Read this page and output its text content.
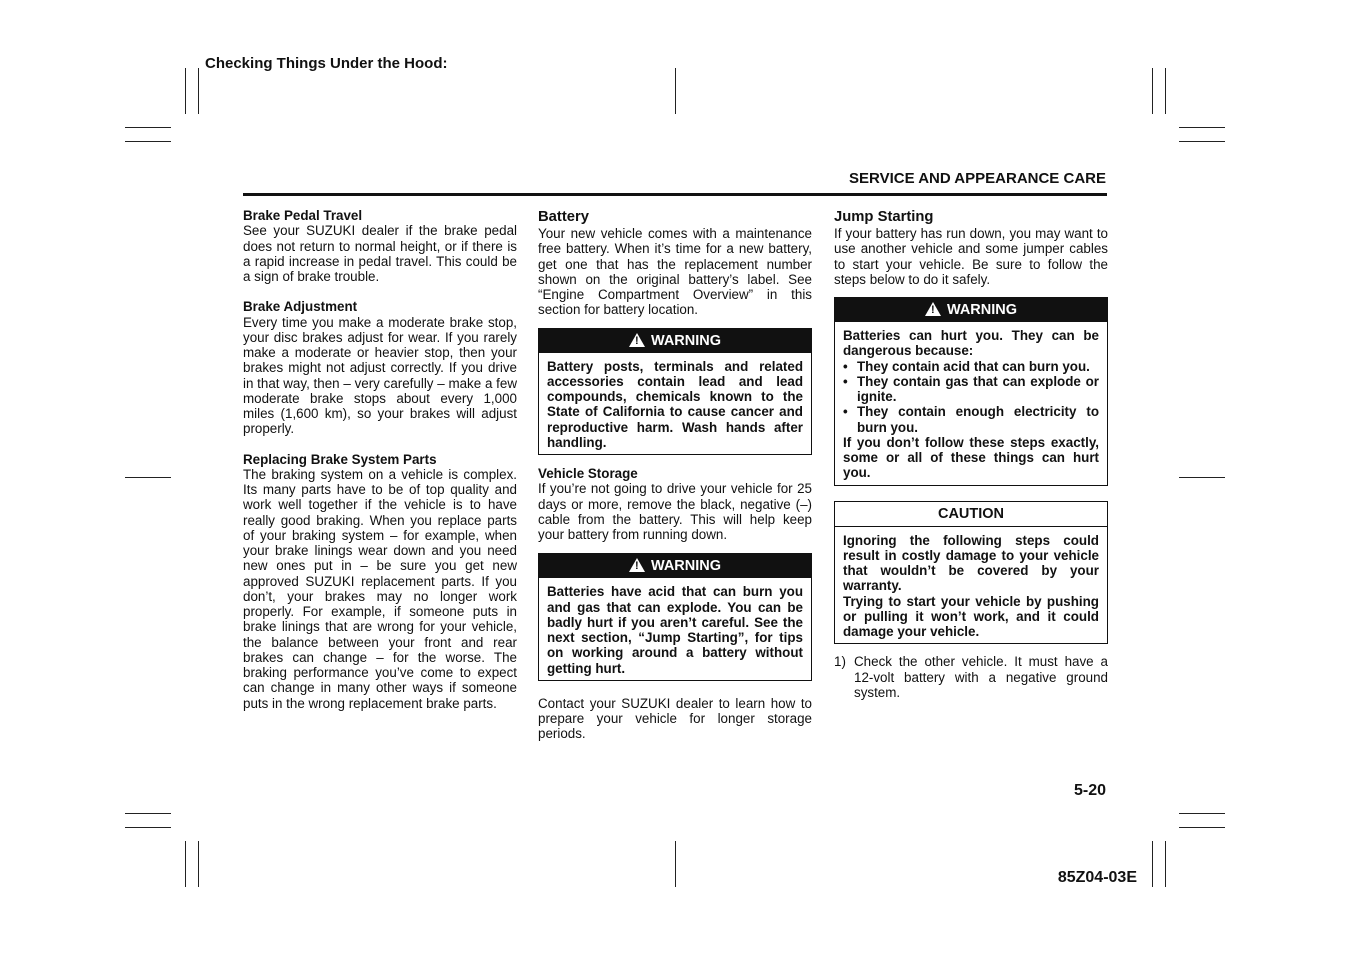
Checking Things Under the Hood:
SERVICE AND APPEARANCE CARE
Brake Pedal Travel
See your SUZUKI dealer if the brake pedal does not return to normal height, or if there is a rapid increase in pedal travel. This could be a sign of brake trouble.
Brake Adjustment
Every time you make a moderate brake stop, your disc brakes adjust for wear. If you rarely make a moderate or heavier stop, then your brakes might not adjust correctly. If you drive in that way, then – very carefully – make a few moderate brake stops about every 1,000 miles (1,600 km), so your brakes will adjust properly.
Replacing Brake System Parts
The braking system on a vehicle is complex. Its many parts have to be of top quality and work well together if the vehicle is to have really good braking. When you replace parts of your braking system – for example, when your brake linings wear down and you need new ones put in – be sure you get new approved SUZUKI replacement parts. If you don’t, your brakes may no longer work properly. For example, if someone puts in brake linings that are wrong for your vehicle, the balance between your front and rear brakes can change – for the worse. The braking performance you’ve come to expect can change in many other ways if someone puts in the wrong replacement brake parts.
Battery
Your new vehicle comes with a maintenance free battery. When it’s time for a new battery, get one that has the replacement number shown on the original battery’s label. See “Engine Compartment Overview” in this section for battery location.
!WARNING
Battery posts, terminals and related accessories contain lead and lead compounds, chemicals known to the State of California to cause cancer and reproductive harm. Wash hands after handling.
Vehicle Storage
If you’re not going to drive your vehicle for 25 days or more, remove the black, negative (–) cable from the battery. This will help keep your battery from running down.
!WARNING
Batteries have acid that can burn you and gas that can explode. You can be badly hurt if you aren’t careful. See the next section, “Jump Starting”, for tips on working around a battery without getting hurt.
Contact your SUZUKI dealer to learn how to prepare your vehicle for longer storage periods.
Jump Starting
If your battery has run down, you may want to use another vehicle and some jumper cables to start your vehicle. Be sure to follow the steps below to do it safely.
!WARNING
Batteries can hurt you. They can be dangerous because:
• They contain acid that can burn you.
• They contain gas that can explode or ignite.
• They contain enough electricity to burn you.
If you don’t follow these steps exactly, some or all of these things can hurt you.
CAUTION
Ignoring the following steps could result in costly damage to your vehicle that wouldn’t be covered by your warranty.
Trying to start your vehicle by pushing or pulling it won’t work, and it could damage your vehicle.
1) Check the other vehicle. It must have a 12-volt battery with a negative ground system.
5-20
85Z04-03E
